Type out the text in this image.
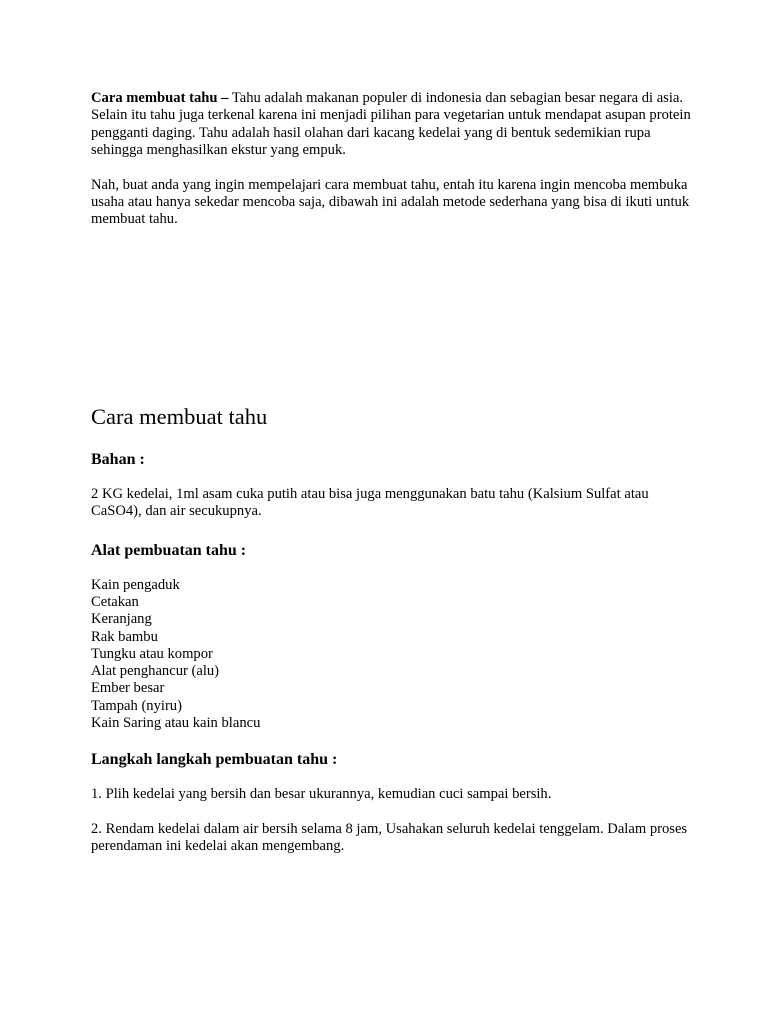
Cara membuat tahu – Tahu adalah makanan populer di indonesia dan sebagian besar negara di asia. Selain itu tahu juga terkenal karena ini menjadi pilihan para vegetarian untuk mendapat asupan protein pengganti daging. Tahu adalah hasil olahan dari kacang kedelai yang di bentuk sedemikian rupa sehingga menghasilkan ekstur yang empuk.

Nah, buat anda yang ingin mempelajari cara membuat tahu, entah itu karena ingin mencoba membuka usaha atau hanya sekedar mencoba saja, dibawah ini adalah metode sederhana yang bisa di ikuti untuk membuat tahu.

Cara membuat tahu
Bahan :

2 KG kedelai, 1ml asam cuka putih atau bisa juga menggunakan batu tahu (Kalsium Sulfat atau CaSO4), dan air secukupnya.

Alat pembuatan tahu :
Kain pengaduk
Cetakan
Keranjang
Rak bambu
Tungku atau kompor
Alat penghancur (alu)
Ember besar
Tampah (nyiru)
Kain Saring atau kain blancu
Langkah langkah pembuatan tahu :

1. Plih kedelai yang bersih dan besar ukurannya, kemudian cuci sampai bersih.

2. Rendam kedelai dalam air bersih selama 8 jam, Usahakan seluruh kedelai tenggelam. Dalam proses perendaman ini kedelai akan mengembang.
